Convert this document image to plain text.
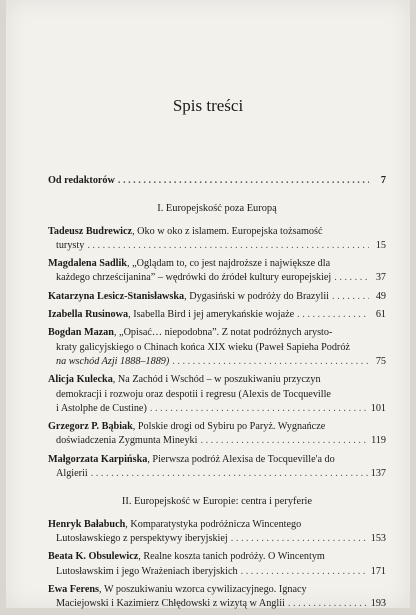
Spis treści
Od redaktorów . . .	7
I. Europejskość poza Europą
Tadeusz Budrewicz, Oko w oko z islamem. Europejska tożsamość
turysty . . .	15
Magdalena Sadlik, „Oglądam to, co jest najdroższe i największe dla
każdego chrześcijanina” – wędrówki do źródeł kultury europejskiej . . .	37
Katarzyna Lesicz-Stanisławska , Dygasiński w podróży do Brazylii . . .	49
Izabella Rusinowa , Isabella Bird i jej amerykańskie wojaże . . .	61
Bogdan Mazan, „Opisać… niepodobna”. Z notat podróżnych arysto-
kraty galicyjskiego o Chinach końca XIX wieku (Paweł Sapieha Podróż
na wschód Azji 1888–1889) . . .	75
Alicja Kulecka, Na Zachód i Wschód – w poszukiwaniu przyczyn
demokracji i rozwoju oraz despotii i regresu (Alexis de Tocqueville
i Astolphe de Custine) . . .	101
Grzegorz P. Bąbiak, Polskie drogi od Sybiru po Paryż. Wygnańcze
doświadczenia Zygmunta Mineyki . . .	119
Małgorzata Karpińska, Pierwsza podróż Alexisa de Tocqueville'a do
Algierii . . .	137
II. Europejskość w Europie: centra i peryferie
Henryk Bałabuch, Komparatystyka podróżnicza Wincentego
Lutosławskiego z perspektywy iberyjskiej . . .	153
Beata K. Obsulewicz, Realne koszta tanich podróży. O Wincentym
Lutosławskim i jego Wrażeniach iberyjskich . . .	171
Ewa Ferens, W poszukiwaniu wzorca cywilizacyjnego. Ignacy
Maciejowski i Kazimierz Chłędowski z wizytą w Anglii . . .	193
